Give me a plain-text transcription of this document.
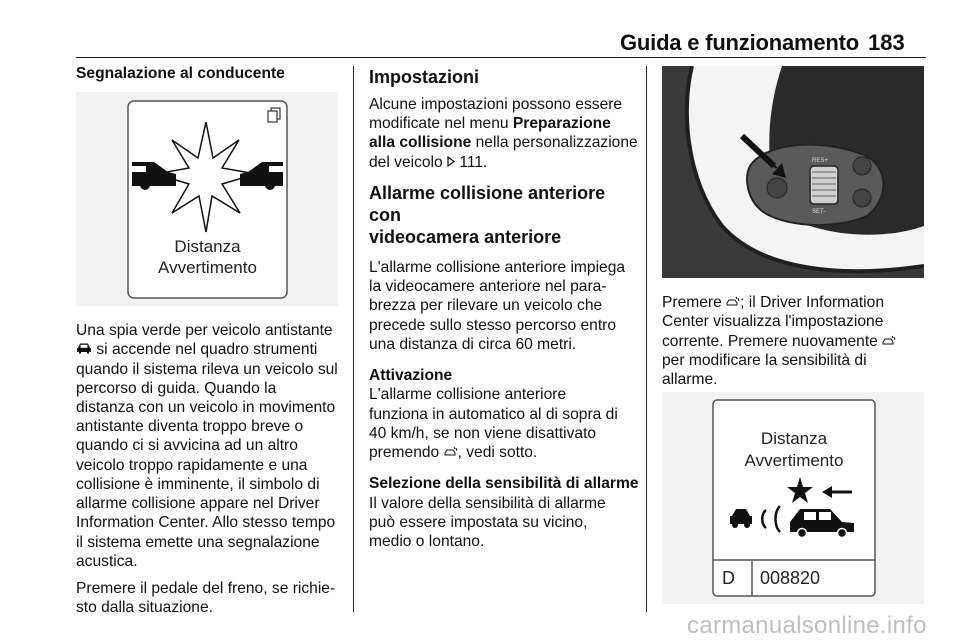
Guida e funzionamento 183

Segnalazione al conducente

Distanza
Avvertimento

Una spia verde per veicolo antistante

si accende nel quadro strumenti

quando il sistema rileva un veicolo sul

percorso di guida. Quando la

distanza con un veicolo in movimento

antistante diventa troppo breve o

quando ci si avvicina ad un altro

veicolo troppo rapidamente e una

collisione è imminente, il simbolo di

allarme collisione appare nel Driver

Information Center. Allo stesso tempo

il sistema emette una segnalazione

acustica.

Premere il pedale del freno, se richie‐

sto dalla situazione.

Impostazioni

Alcune impostazioni possono essere

modificate nel menu Preparazione

alla collisione nella personalizzazione

del veicolo  111.

Allarme collisione anteriore con

videocamera anteriore

L'allarme collisione anteriore impiega

la videocamere anteriore nel para‐

brezza per rilevare un veicolo che

precede sullo stesso percorso entro

una distanza di circa 60 metri.

Attivazione

L'allarme collisione anteriore

funziona in automatico al di sopra di

40 km/h, se non viene disattivato

premendo , vedi sotto.

Selezione della sensibilità di allarme

Il valore della sensibilità di allarme

può essere impostata su vicino,

medio o lontano.

RES+
SET-

Premere ; il Driver Information

Center visualizza l'impostazione

corrente. Premere nuovamente

per modificare la sensibilità di

allarme.

Distanza
Avvertimento
D 008820
carmanualsonline.info
